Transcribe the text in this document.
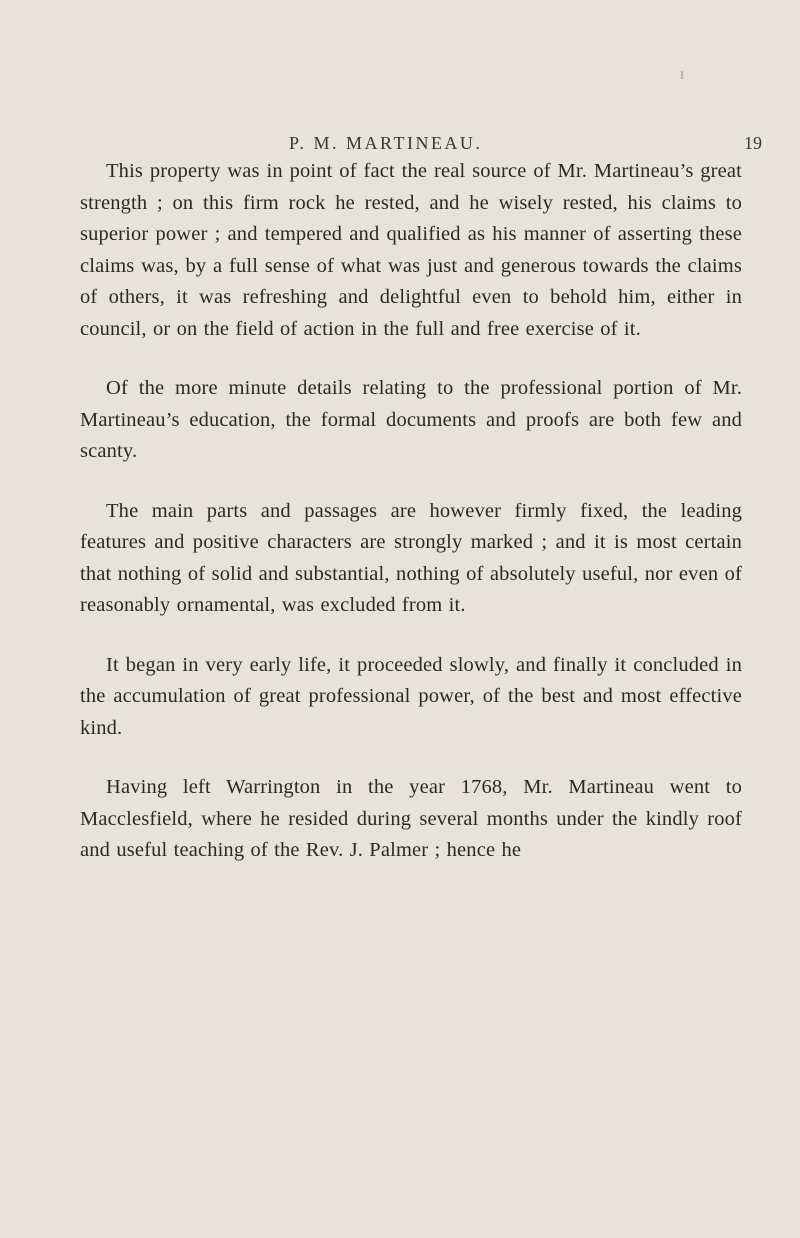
I
P. M. MARTINEAU.	19

This property was in point of fact the real source of Mr. Martineau’s great strength ; on this firm rock he rested, and he wisely rested, his claims to superior power ; and tempered and qualified as his manner of asserting these claims was, by a full sense of what was just and generous towards the claims of others, it was refreshing and delightful even to behold him, either in council, or on the field of action in the full and free exercise of it.

Of the more minute details relating to the professional portion of Mr. Martineau’s education, the formal documents and proofs are both few and scanty.

The main parts and passages are however firmly fixed, the leading features and positive characters are strongly marked ; and it is most certain that nothing of solid and substantial, nothing of absolutely useful, nor even of reasonably ornamental, was excluded from it.

It began in very early life, it proceeded slowly, and finally it concluded in the accumulation of great professional power, of the best and most effective kind.

Having left Warrington in the year 1768, Mr. Martineau went to Macclesfield, where he resided during several months under the kindly roof and useful teaching of the Rev. J. Palmer ; hence he
